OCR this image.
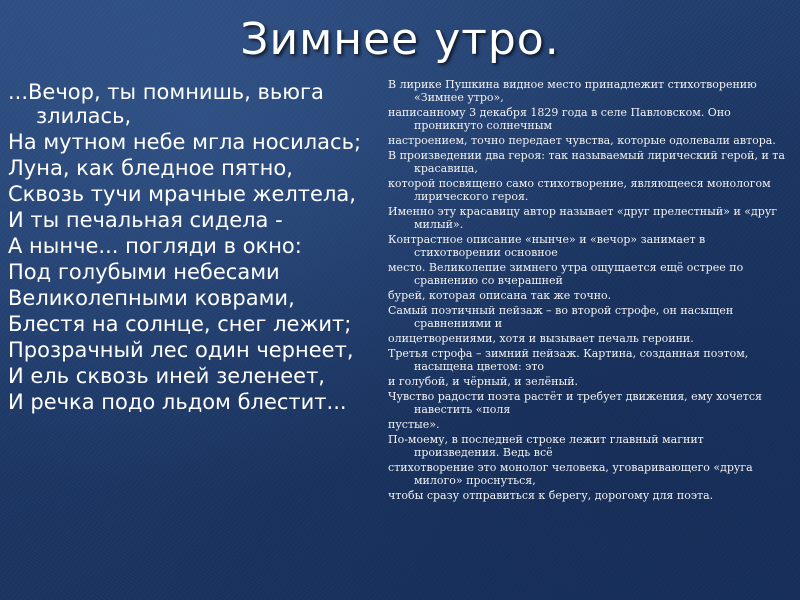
Зимнее утро.
...Вечор, ты помнишь, вьюга злилась,
На мутном небе мгла носилась;
Луна, как бледное пятно,
Сквозь тучи мрачные желтела,
И ты печальная сидела -
А нынче... погляди в окно:
Под голубыми небесами
Великолепными коврами,
Блестя на солнце, снег лежит;
Прозрачный лес один чернеет,
И ель сквозь иней зеленеет,
И речка подо льдом блестит...
В лирике Пушкина видное место принадлежит стихотворению «Зимнее утро»,
написанному 3 декабря 1829 года в селе Павловском. Оно проникнуто солнечным
настроением, точно передает чувства, которые одолевали автора.
В произведении два героя: так называемый лирический герой, и та красавица,
которой посвящено само стихотворение, являющееся монологом лирического героя.
Именно эту красавицу автор называет «друг прелестный» и «друг милый».
Контрастное описание «нынче» и «вечор» занимает в стихотворении основное
место. Великолепие зимнего утра ощущается ещё острее по сравнению со вчерашней
бурей, которая описана так же точно.
Самый поэтичный пейзаж – во второй строфе, он насыщен сравнениями и
олицетворениями, хотя и вызывает печаль героини.
Третья строфа – зимний пейзаж. Картина, созданная поэтом, насыщена цветом: это
и голубой, и чёрный, и зелёный.
Чувство радости поэта растёт и требует движения, ему хочется навестить «поля
пустые».
По-моему, в последней строке лежит главный магнит произведения. Ведь всё
стихотворение это монолог человека, уговаривающего «друга милого» проснуться,
чтобы сразу отправиться к берегу, дорогому для поэта.
